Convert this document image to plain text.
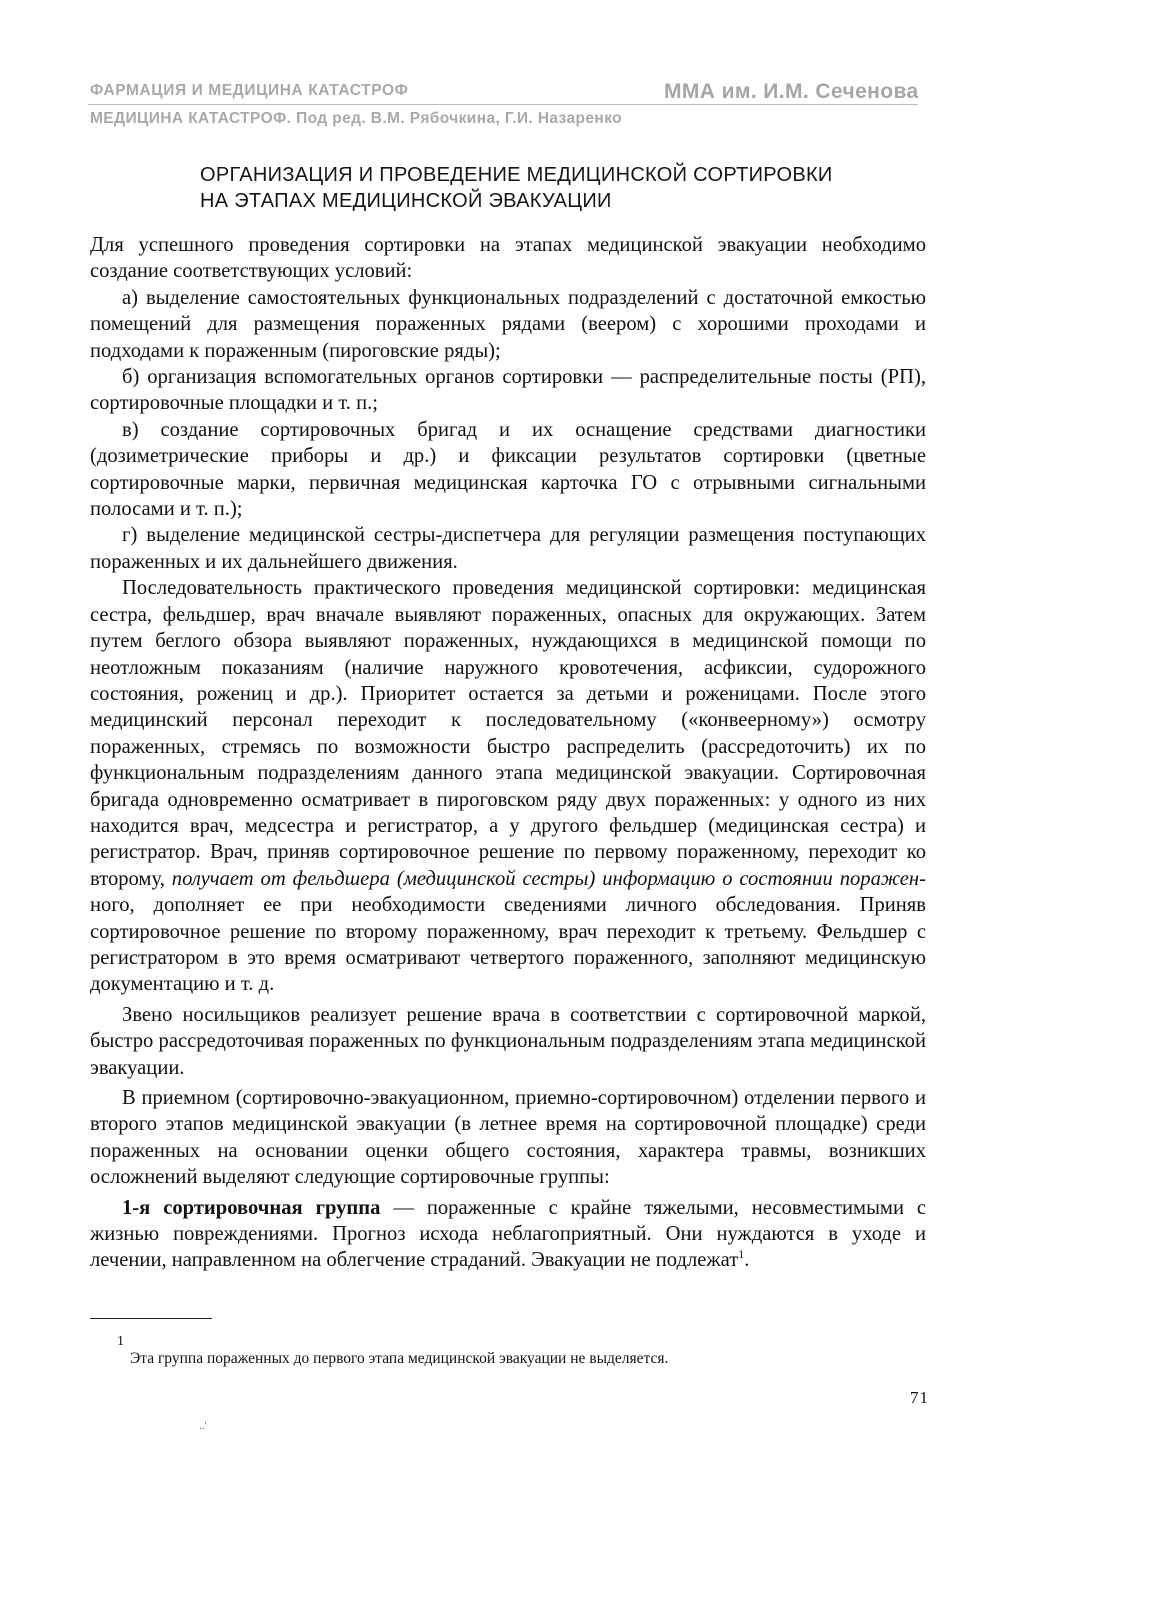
ФАРМАЦИЯ И МЕДИЦИНА КАТАСТРОФ	ММА им. И.М. Сеченова
МЕДИЦИНА КАТАСТРОФ. Под ред. В.М. Рябочкина, Г.И. Назаренко
ОРГАНИЗАЦИЯ И ПРОВЕДЕНИЕ МЕДИЦИНСКОЙ СОРТИРОВКИ
НА ЭТАПАХ МЕДИЦИНСКОЙ ЭВАКУАЦИИ

Для успешного проведения сортировки на этапах медицинской эвакуации необходимо создание соответствующих условий:

а) выделение самостоятельных функциональных подразделений с достаточной емкостью помещений для размещения пораженных рядами (веером) с хорошими проходами и подходами к пораженным (пироговские ряды);

б) организация вспомогательных органов сортировки — распределительные посты (РП), сортировочные площадки и т. п.;

в) создание сортировочных бригад и их оснащение средствами диагностики (дозиметрические приборы и др.) и фиксации результатов сортировки (цветные сортировочные марки, первичная медицинская карточка ГО с отрывными сигнальными полосами и т. п.);

г) выделение медицинской сестры-диспетчера для регуляции размещения поступающих пораженных и их дальнейшего движения.

Последовательность практического проведения медицинской сортировки: медицинская сестра, фельдшер, врач вначале выявляют пораженных, опасных для окружающих. Затем путем беглого обзора выявляют пораженных, нуждающихся в медицинской помощи по неотложным показаниям (наличие наружного кровотечения, асфиксии, судорожного состояния, рожениц и др.). Приоритет остается за детьми и роженицами. После этого медицинский персонал переходит к последовательному («конвеерному») осмотру пораженных, стремясь по возможности быстро распределить (рассредоточить) их по функциональным подразделениям данного этапа медицинской эвакуации. Сортировочная бригада одновременно осматривает в пироговском ряду двух пораженных: у одного из них находится врач, медсестра и регистратор, а у другого фельдшер (медицинская сестра) и регистратор. Врач, приняв сортировочное решение по первому пораженному, переходит ко второму, получает от фельдшера (медицинской сестры) информацию о состоянии поражен-ного, дополняет ее при необходимости сведениями личного обследования. Приняв сортировочное решение по второму пораженному, врач переходит к третьему. Фельдшер с регистратором в это время осматривают четвертого пораженного, заполняют медицинскую документацию и т. д.

Звено носильщиков реализует решение врача в соответствии с сортировочной маркой, быстро рассредоточивая пораженных по функциональным подразделениям этапа медицинской эвакуации.

В приемном (сортировочно-эвакуационном, приемно-сортировочном) отделении первого и второго этапов медицинской эвакуации (в летнее время на сортировочной площадке) среди пораженных на основании оценки общего состояния, характера травмы, возникших осложнений выделяют следующие сортировочные группы:

1-я сортировочная группа — пораженные с крайне тяжелыми, несовместимыми с жизнью повреждениями. Прогноз исхода неблагоприятный. Они нуждаются в уходе и лечении, направленном на облегчение страданий. Эвакуации не подлежат$^1$.

1
Эта группа пораженных до первого этапа медицинской эвакуации не выделяется.
71
..'
